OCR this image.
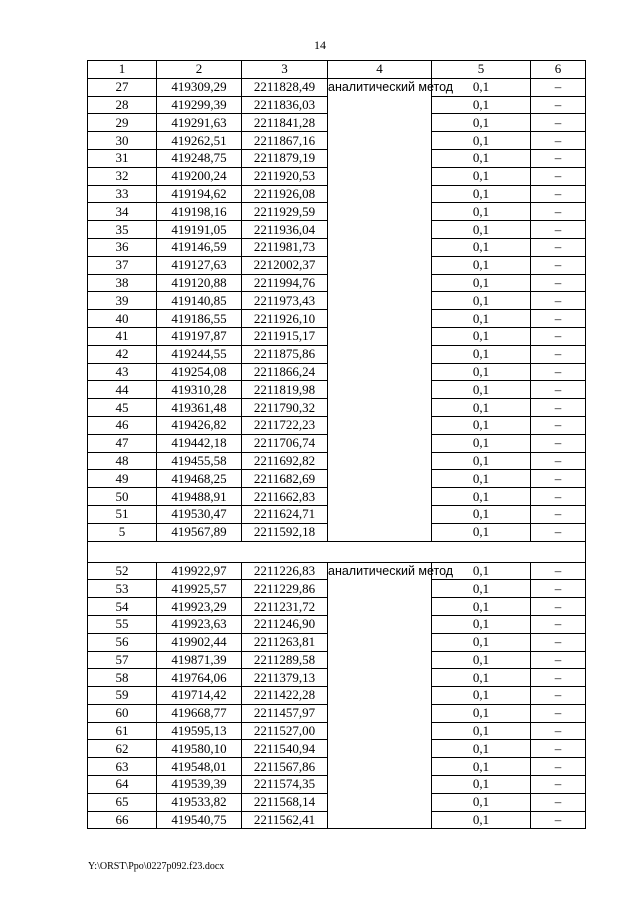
14
1	2	3	4	5	6
27	419309,29	2211828,49	аналитический метод	0,1	–
28	419299,39	2211836,03		0,1	–
29	419291,63	2211841,28		0,1	–
30	419262,51	2211867,16		0,1	–
31	419248,75	2211879,19		0,1	–
32	419200,24	2211920,53		0,1	–
33	419194,62	2211926,08		0,1	–
34	419198,16	2211929,59		0,1	–
35	419191,05	2211936,04		0,1	–
36	419146,59	2211981,73		0,1	–
37	419127,63	2212002,37		0,1	–
38	419120,88	2211994,76		0,1	–
39	419140,85	2211973,43		0,1	–
40	419186,55	2211926,10		0,1	–
41	419197,87	2211915,17		0,1	–
42	419244,55	2211875,86		0,1	–
43	419254,08	2211866,24		0,1	–
44	419310,28	2211819,98		0,1	–
45	419361,48	2211790,32		0,1	–
46	419426,82	2211722,23		0,1	–
47	419442,18	2211706,74		0,1	–
48	419455,58	2211692,82		0,1	–
49	419468,25	2211682,69		0,1	–
50	419488,91	2211662,83		0,1	–
51	419530,47	2211624,71		0,1	–
5	419567,89	2211592,18		0,1	–

52	419922,97	2211226,83	аналитический метод	0,1	–
53	419925,57	2211229,86		0,1	–
54	419923,29	2211231,72		0,1	–
55	419923,63	2211246,90		0,1	–
56	419902,44	2211263,81		0,1	–
57	419871,39	2211289,58		0,1	–
58	419764,06	2211379,13		0,1	–
59	419714,42	2211422,28		0,1	–
60	419668,77	2211457,97		0,1	–
61	419595,13	2211527,00		0,1	–
62	419580,10	2211540,94		0,1	–
63	419548,01	2211567,86		0,1	–
64	419539,39	2211574,35		0,1	–
65	419533,82	2211568,14		0,1	–
66	419540,75	2211562,41		0,1	–
Y:\ORST\Ppo\0227p092.f23.docx
